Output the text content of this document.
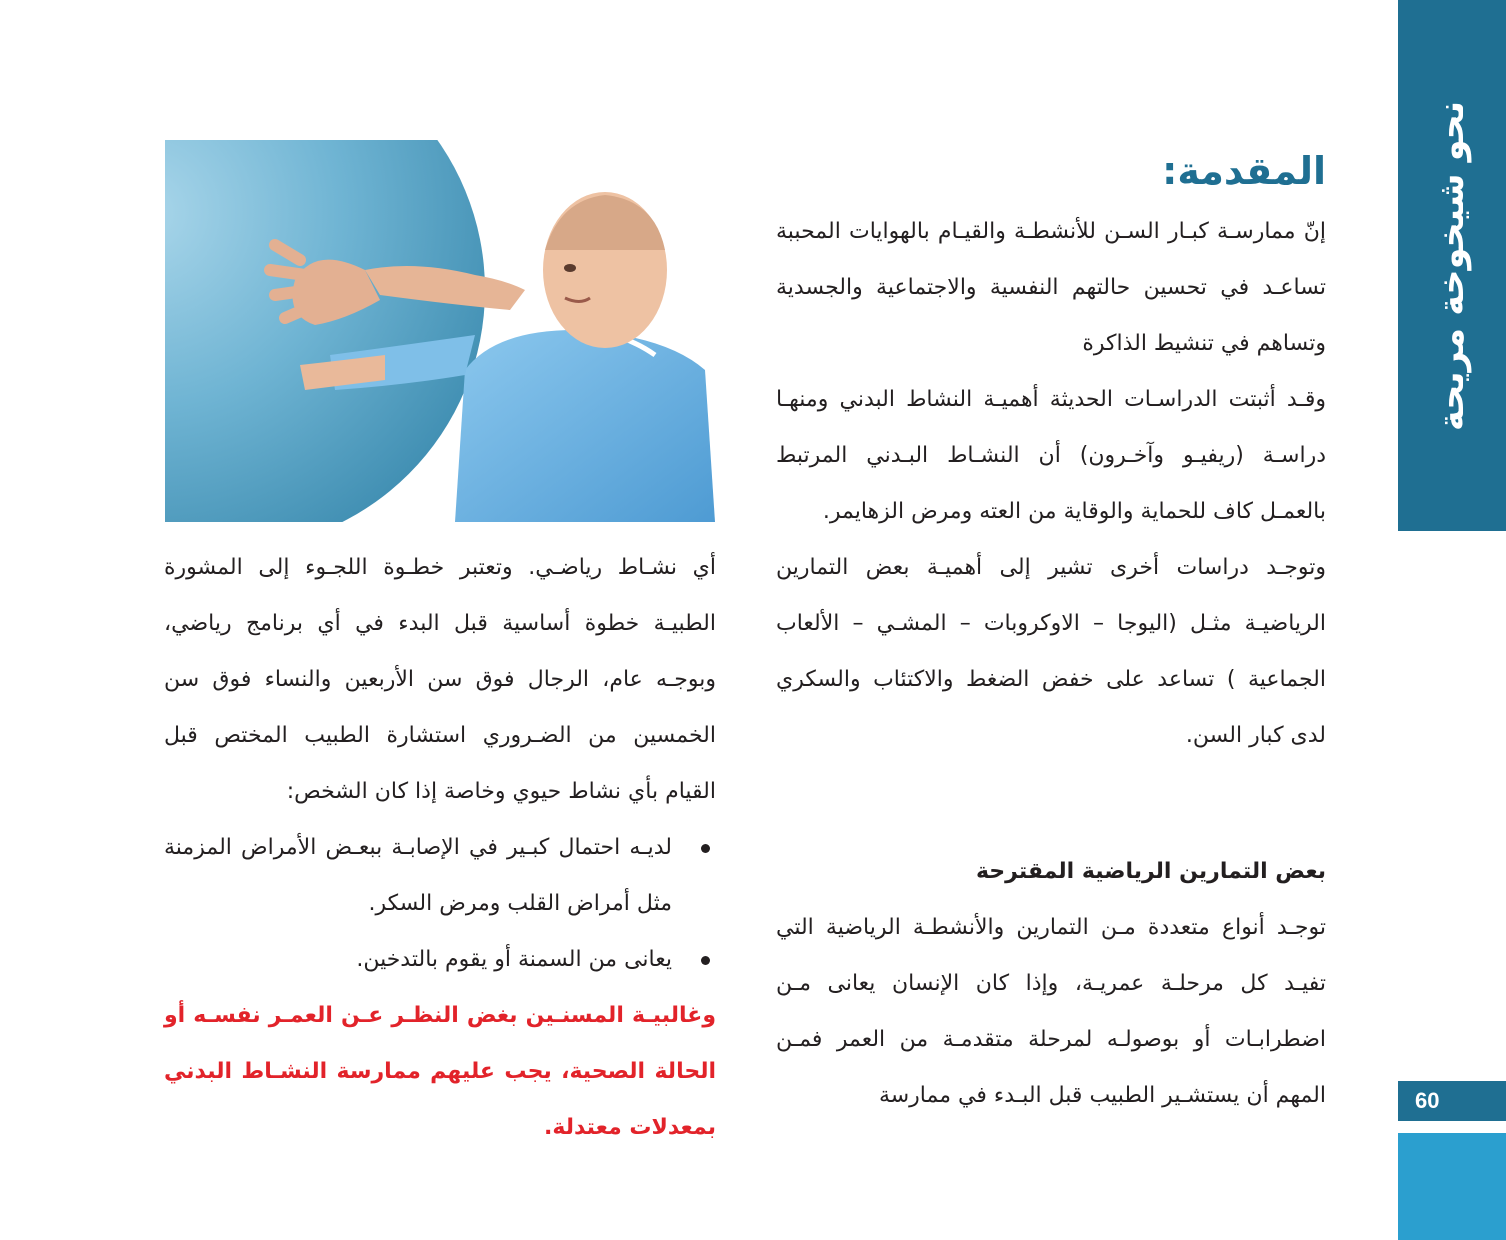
نحو شيخوخة مريحة
60
المقدمة:

إنّ ممارسـة كبـار السـن للأنشطـة والقيـام بالهوايات المحببة تساعـد في تحسين حالتهم النفسية والاجتماعية والجسدية وتساهم في تنشيط الذاكرة

وقـد أثبتت الدراسـات الحديثة أهميـة النشاط البدني ومنهـا دراسـة (ريفيـو وآخـرون) أن النشـاط البـدني المرتبط بالعمـل كاف للحماية والوقاية من العته ومرض الزهايمر.

وتوجـد دراسات أخرى تشير إلى أهميـة بعض التمارين الرياضيـة مثـل (اليوجا – الاوكروبات – المشـي – الألعاب الجماعية ) تساعد على خفض الضغط والاكتئاب والسكري لدى كبار السن.

بعض التمارين الرياضية المقترحة

توجـد أنواع متعددة مـن التمارين والأنشطـة الرياضية التي تفيـد كل مرحلـة عمريـة، وإذا كان الإنسان يعانى مـن اضطرابـات أو بوصولـه لمرحلة متقدمـة من العمر فمـن المهم أن يستشـير الطبيب قبل البـدء في ممارسة

أي نشـاط رياضـي. وتعتبر خطـوة اللجـوء إلى المشورة الطبيـة خطوة أساسية قبل البدء في أي برنامج رياضي، وبوجـه عام، الرجال فوق سن الأربعين والنساء فوق سن الخمسين من الضـروري استشارة الطبيب المختص قبل القيام بأي نشاط حيوي وخاصة إذا كان الشخص:

لديـه احتمال كبـير في الإصابـة ببعـض الأمراض المزمنة مثل أمراض القلب ومرض السكر.
يعانى من السمنة أو يقوم بالتدخين.

وغالبيـة المسنـين بغض النظـر عـن العمـر نفسـه أو الحالة الصحية، يجب عليهم ممارسة النشـاط البدني بمعدلات معتدلة.
